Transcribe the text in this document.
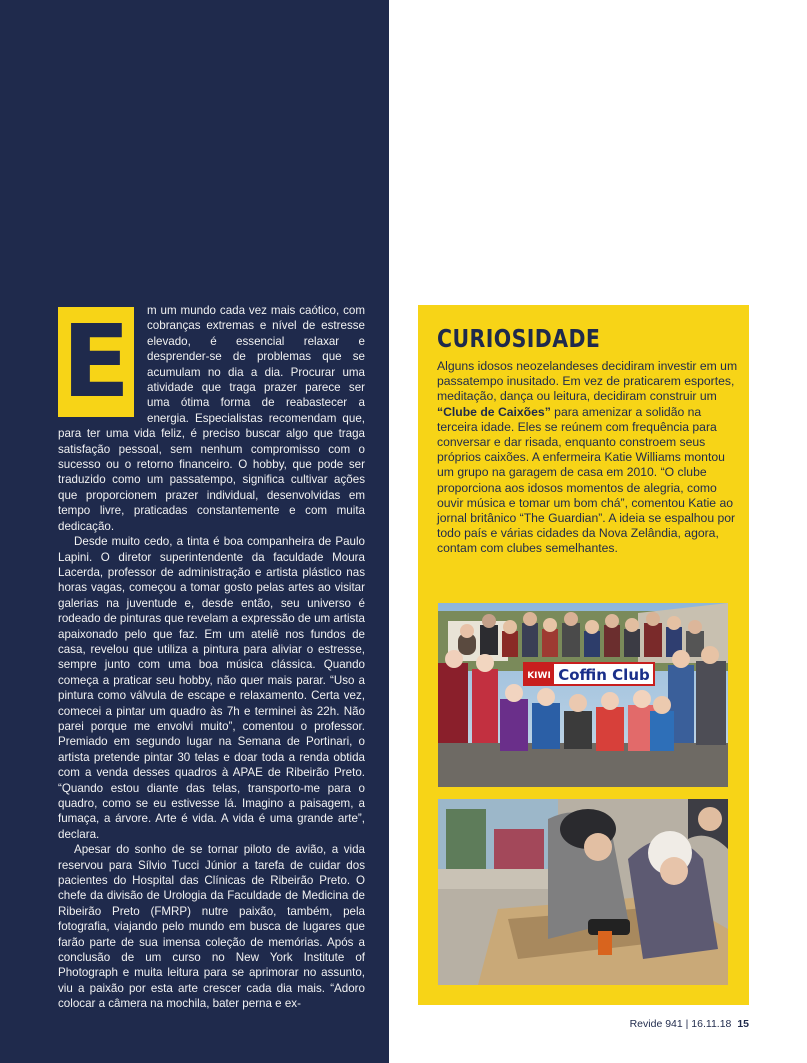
E	m um mundo cada vez mais caótico, com cobranças extremas e nível de estresse elevado, é essencial relaxar e desprender-se de problemas que se acumulam no dia a dia. Procurar uma atividade que traga prazer parece ser uma ótima forma de reabastecer a energia. Especialistas recomendam que, para ter uma vida feliz, é preciso buscar algo que traga satisfação pessoal, sem nenhum compromisso com o sucesso ou o retorno financeiro. O hobby, que pode ser traduzido como um passatempo, significa cultivar ações que proporcionem prazer individual, desenvolvidas em tempo livre, praticadas constantemente e com muita dedicação.

Desde muito cedo, a tinta é boa companheira de Paulo Lapini. O diretor superintendente da faculdade Moura Lacerda, professor de administração e artista plástico nas horas vagas, começou a tomar gosto pelas artes ao visitar galerias na juventude e, desde então, seu universo é rodeado de pinturas que revelam a expressão de um artista apaixonado pelo que faz. Em um ateliê nos fundos de casa, revelou que utiliza a pintura para aliviar o estresse, sempre junto com uma boa música clássica. Quando começa a praticar seu hobby, não quer mais parar. “Uso a pintura como válvula de escape e relaxamento. Certa vez, comecei a pintar um quadro às 7h e terminei às 22h. Não parei porque me envolvi muito”, comentou o professor. Premiado em segundo lugar na Semana de Portinari, o artista pretende pintar 30 telas e doar toda a renda obtida com a venda desses quadros à APAE de Ribeirão Preto. “Quando estou diante das telas, transporto-me para o quadro, como se eu estivesse lá. Imagino a paisagem, a fumaça, a árvore. Arte é vida. A vida é uma grande arte”, declara.

Apesar do sonho de se tornar piloto de avião, a vida reservou para Sílvio Tucci Júnior a tarefa de cuidar dos pacientes do Hospital das Clínicas de Ribeirão Preto. O chefe da divisão de Urologia da Faculdade de Medicina de Ribeirão Preto (FMRP) nutre paixão, também, pela fotografia, viajando pelo mundo em busca de lugares que farão parte de sua imensa coleção de memórias. Após a conclusão de um curso no New York Institute of Photograph e muita leitura para se aprimorar no assunto, viu a paixão por esta arte crescer cada dia mais. “Adoro colocar a câmera na mochila, bater perna e ex-

CURIOSIDADE

Alguns idosos neozelandeses decidiram investir em um passatempo inusitado. Em vez de praticarem esportes, meditação, dança ou leitura, decidiram construir um “Clube de Caixões” para amenizar a solidão na terceira idade. Eles se reúnem com frequência para conversar e dar risada, enquanto constroem seus próprios caixões. A enfermeira Katie Williams montou um grupo na garagem de casa em 2010. “O clube proporciona aos idosos momentos de alegria, como ouvir música e tomar um bom chá”, comentou Katie ao jornal britânico “The Guardian”. A ideia se espalhou por todo país e várias cidades da Nova Zelândia, agora, contam com clubes semelhantes.

KIWI Coffin Club
Revide 941 | 16.11.18 15
